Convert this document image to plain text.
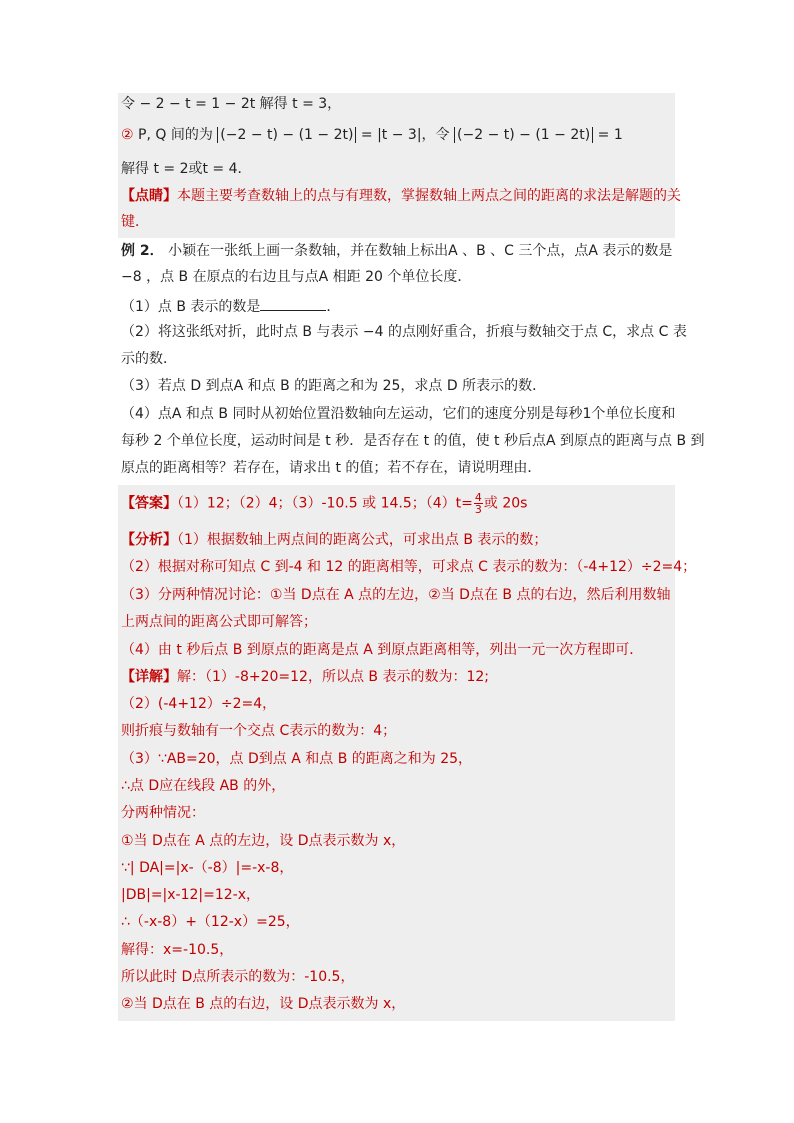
令 − 2 − t = 1 − 2t 解得 t = 3，
② P, Q 间的为 (−2 − t) − (1 − 2t) = |t − 3|，令 (−2 − t) − (1 − 2t) = 1
解得 t = 2或t = 4．
【点睛】本题主要考查数轴上的点与有理数，掌握数轴上两点之间的距离的求法是解题的关
键．
例 2． 小颖在一张纸上画一条数轴，并在数轴上标出A 、B 、C 三个点，点A 表示的数是
−8 ，点 B 在原点的右边且与点A 相距 20 个单位长度．
（1）点 B 表示的数是	．
（2）将这张纸对折，此时点 B 与表示 −4 的点刚好重合，折痕与数轴交于点 C，求点 C 表
示的数．
（3）若点 D 到点A 和点 B 的距离之和为 25，求点 D 所表示的数．
（4）点A 和点 B 同时从初始位置沿数轴向左运动，它们的速度分别是每秒1个单位长度和
每秒 2 个单位长度，运动时间是 t 秒．是否存在 t 的值，使 t 秒后点A 到原点的距离与点 B 到
原点的距离相等？若存在，请求出 t 的值；若不存在，请说明理由．
【答案】（1）12；（2）4；（3）-10.5 或 14.5；$(4)t= \frac{4}{3}$ 或 20s
【分析】（1）根据数轴上两点间的距离公式，可求出点 B 表示的数；
（2）根据对称可知点 C 到-4 和 12 的距离相等，可求点 C 表示的数为：（-4+12）÷2=4；
（3）分两种情况讨论：①当 D点在 A 点的左边，②当 D点在 B 点的右边，然后利用数轴
上两点间的距离公式即可解答；
（4）由 t 秒后点 B 到原点的距离是点 A 到原点距离相等，列出一元一次方程即可．
【详解】解：（1）-8+20=12，所以点 B 表示的数为：12;
（2）(-4+12）÷2=4，
则折痕与数轴有一个交点 C表示的数为：4；
（3）∵AB=20，点 D到点 A 和点 B 的距离之和为 25，
∴点 D应在线段 AB 的外，
分两种情况：
①当 D点在 A 点的左边，设 D点表示数为 x，
∵| DA|=|x-（-8）|=-x-8，
|DB|=|x-12|=12-x，
∴（-x-8）+（12-x）=25，
解得：x=-10.5，
所以此时 D点所表示的数为：-10.5，
②当 D点在 B 点的右边，设 D点表示数为 x，
